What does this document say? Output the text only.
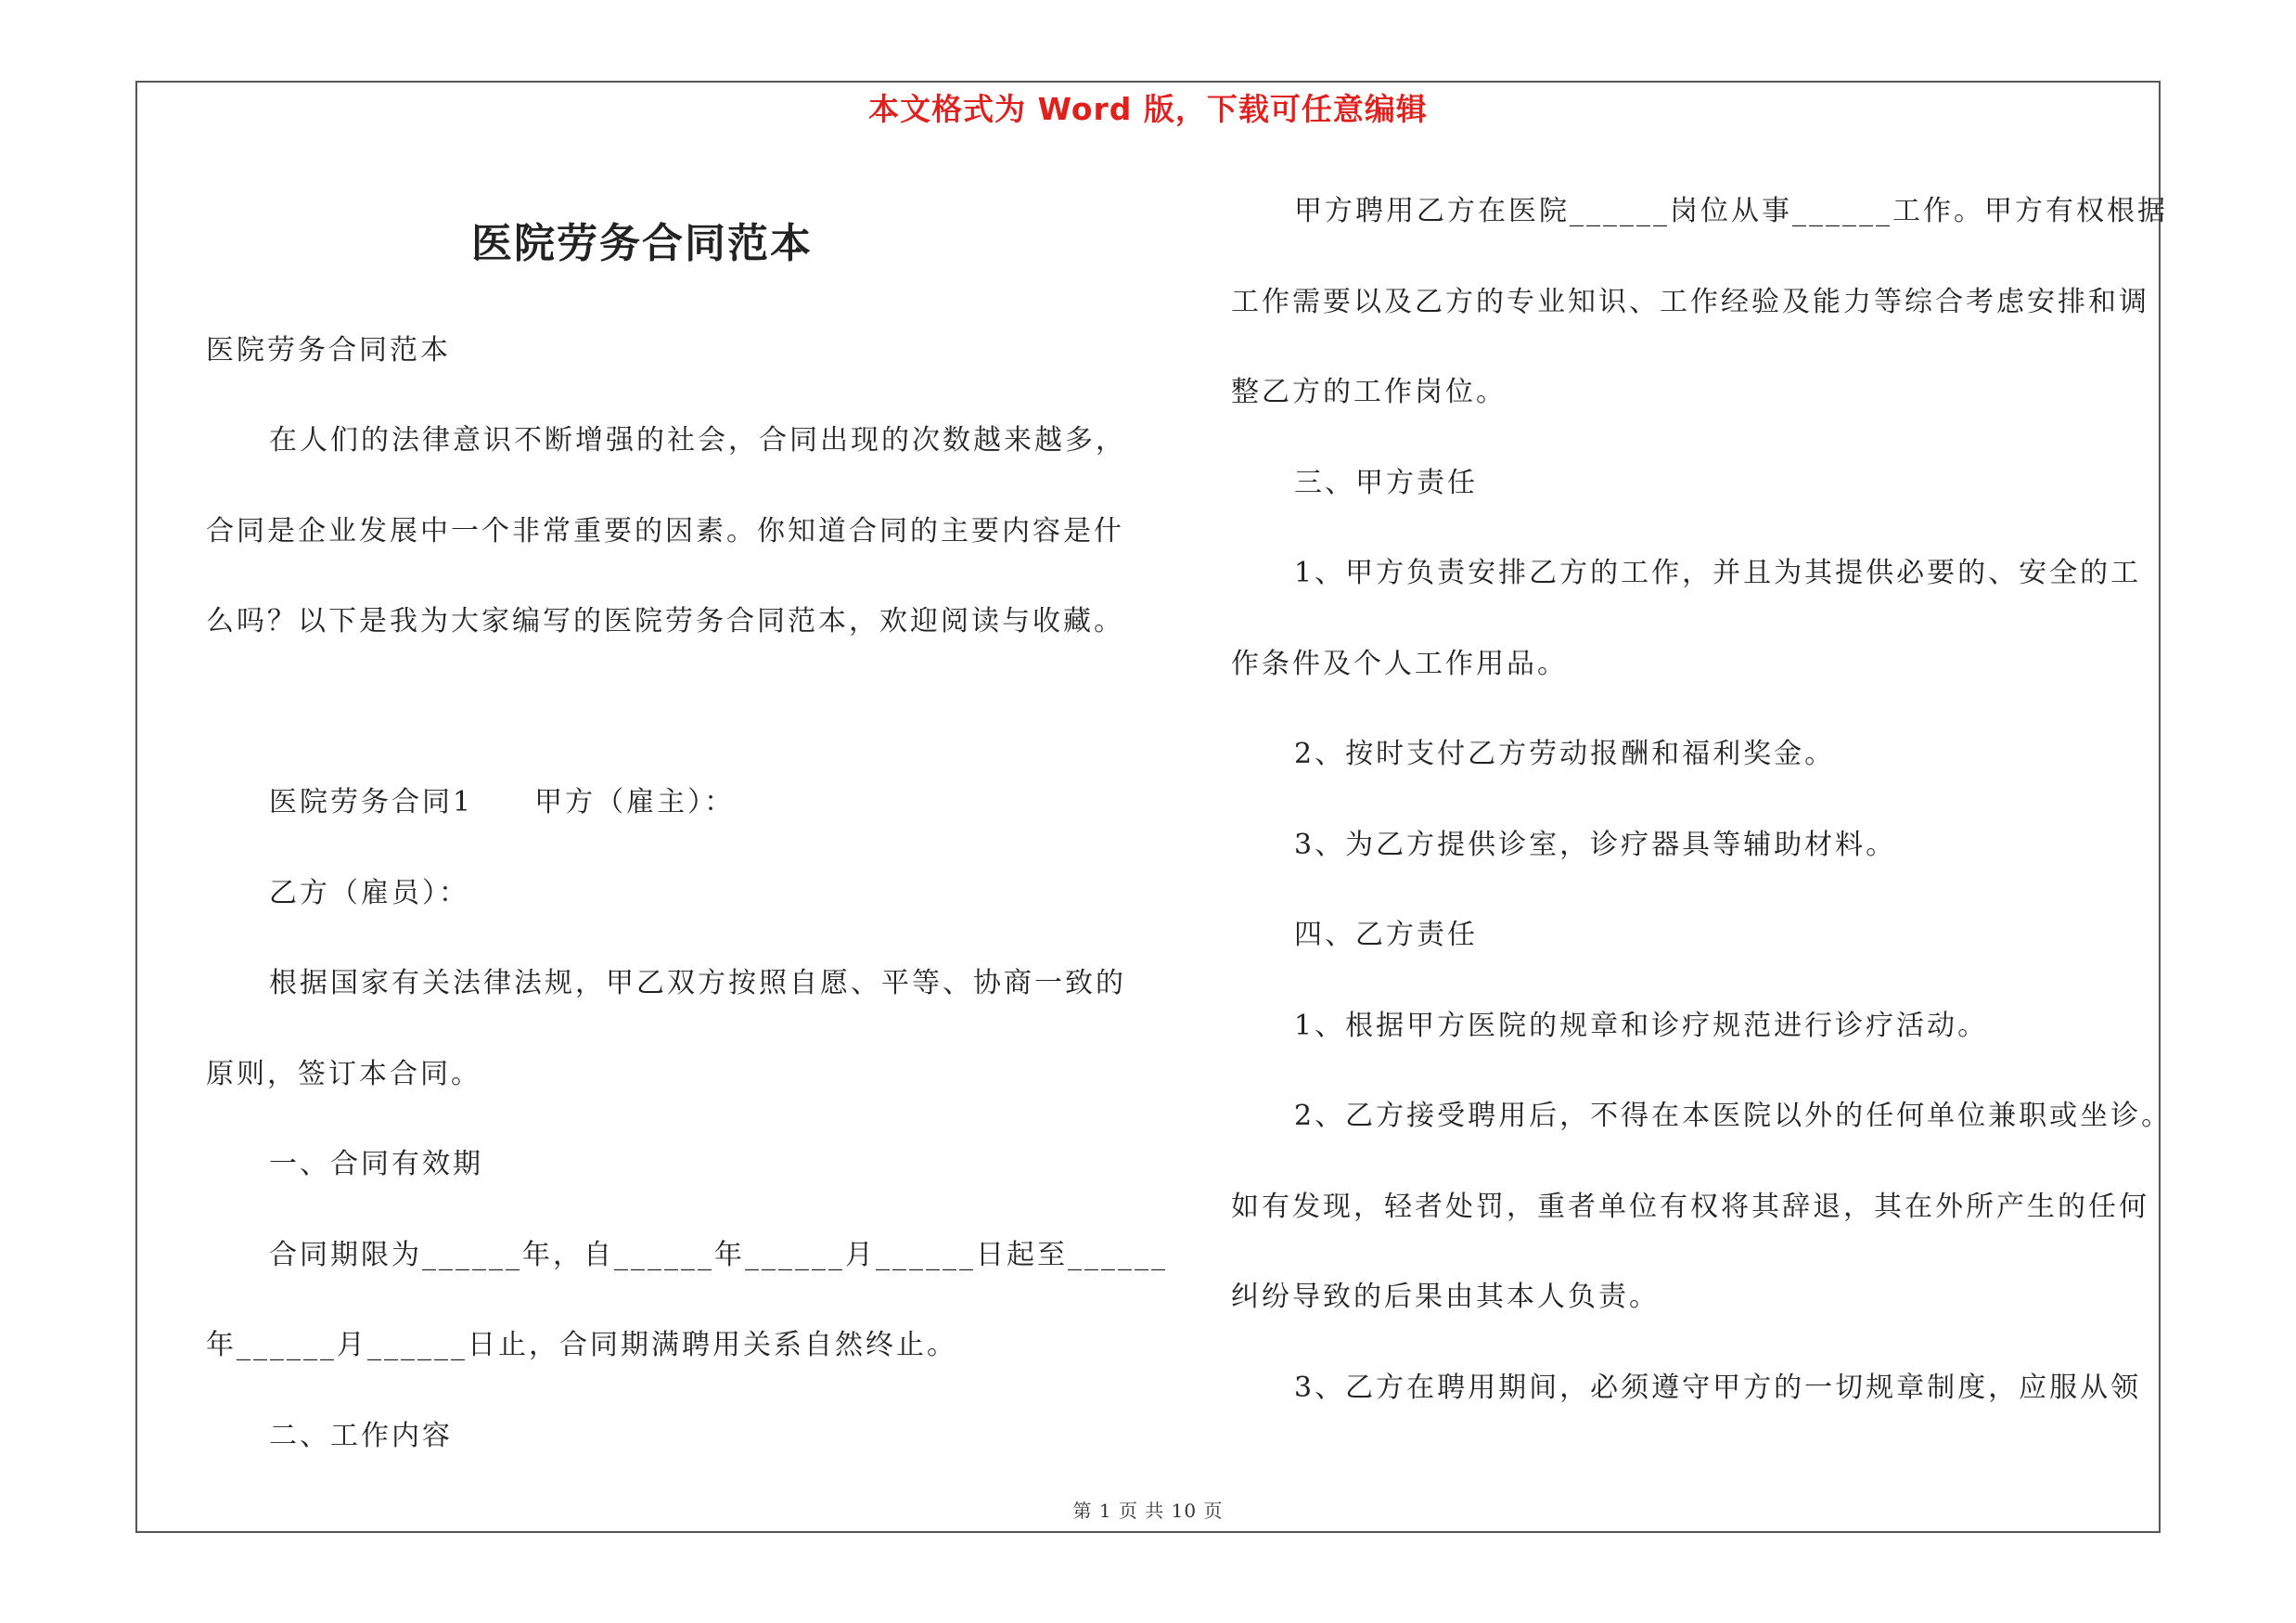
本文格式为 Word 版，下载可任意编辑
医院劳务合同范本
医院劳务合同范本
在人们的法律意识不断增强的社会，合同出现的次数越来越多，
合同是企业发展中一个非常重要的因素。你知道合同的主要内容是什
么吗？以下是我为大家编写的医院劳务合同范本，欢迎阅读与收藏。
医院劳务合同1　　甲方（雇主）：
乙方（雇员）：
根据国家有关法律法规，甲乙双方按照自愿、平等、协商一致的
原则，签订本合同。
一、合同有效期
合同期限为______年，自______年______月______日起至______
年______月______日止，合同期满聘用关系自然终止。
二、工作内容
甲方聘用乙方在医院______岗位从事______工作。甲方有权根据
工作需要以及乙方的专业知识、工作经验及能力等综合考虑安排和调
整乙方的工作岗位。
三、甲方责任
1、甲方负责安排乙方的工作，并且为其提供必要的、安全的工
作条件及个人工作用品。
2、按时支付乙方劳动报酬和福利奖金。
3、为乙方提供诊室，诊疗器具等辅助材料。
四、乙方责任
1、根据甲方医院的规章和诊疗规范进行诊疗活动。
2、乙方接受聘用后，不得在本医院以外的任何单位兼职或坐诊。
如有发现，轻者处罚，重者单位有权将其辞退，其在外所产生的任何
纠纷导致的后果由其本人负责。
3、乙方在聘用期间，必须遵守甲方的一切规章制度，应服从领
第 1 页 共 10 页
